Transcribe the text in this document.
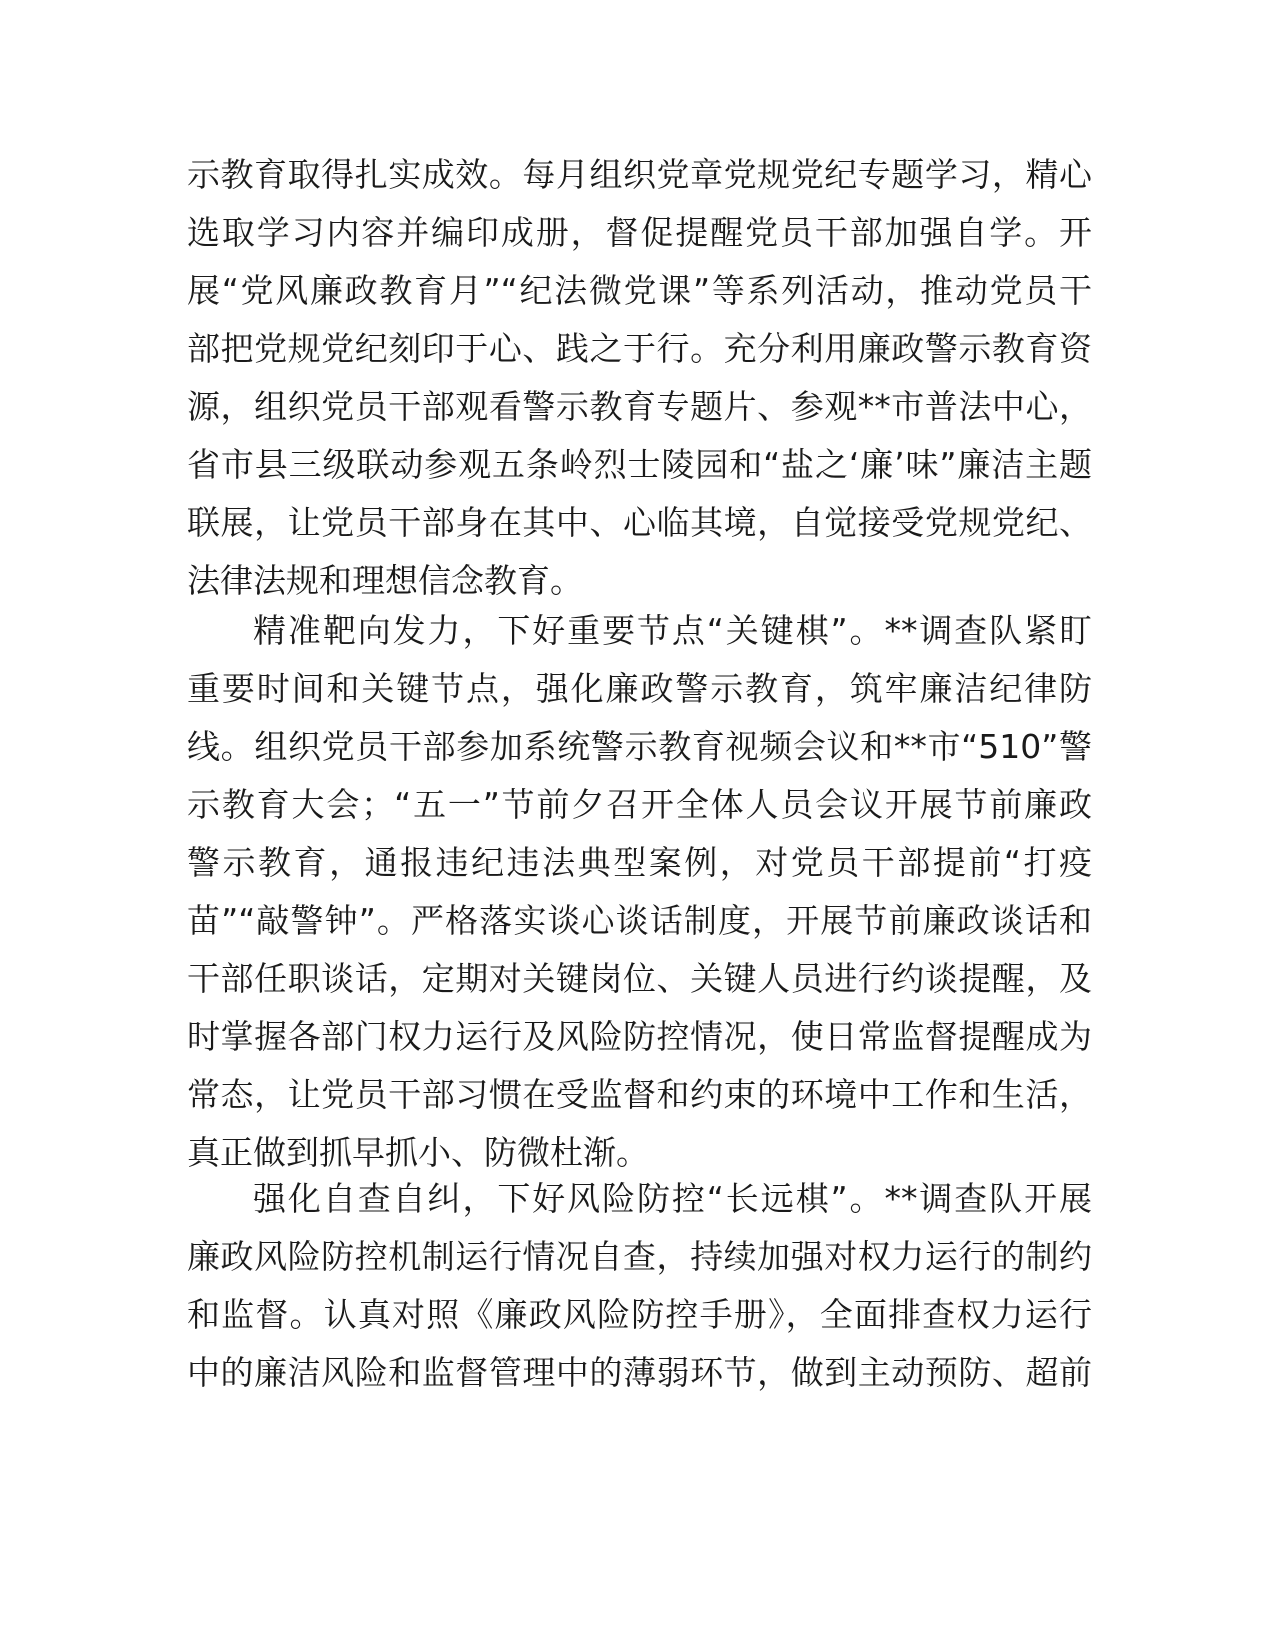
示教育取得扎实成效。每月组织党章党规党纪专题学习，精心
选取学习内容并编印成册，督促提醒党员干部加强自学。开
展“党风廉政教育月”“纪法微党课”等系列活动，推动党员干
部把党规党纪刻印于心、践之于行。充分利用廉政警示教育资
源，组织党员干部观看警示教育专题片、参观**市普法中心，
省市县三级联动参观五条岭烈士陵园和“盐之‘廉’味”廉洁主题
联展，让党员干部身在其中、心临其境，自觉接受党规党纪、
法律法规和理想信念教育。
精准靶向发力，下好重要节点“关键棋”。**调查队紧盯
重要时间和关键节点，强化廉政警示教育，筑牢廉洁纪律防
线。组织党员干部参加系统警示教育视频会议和**市“510”警
示教育大会；“五一”节前夕召开全体人员会议开展节前廉政
警示教育，通报违纪违法典型案例，对党员干部提前“打疫
苗”“敲警钟”。严格落实谈心谈话制度，开展节前廉政谈话和
干部任职谈话，定期对关键岗位、关键人员进行约谈提醒，及
时掌握各部门权力运行及风险防控情况，使日常监督提醒成为
常态，让党员干部习惯在受监督和约束的环境中工作和生活，
真正做到抓早抓小、防微杜渐。
强化自查自纠，下好风险防控“长远棋”。**调查队开展
廉政风险防控机制运行情况自查，持续加强对权力运行的制约
和监督。认真对照《廉政风险防控手册》，全面排查权力运行
中的廉洁风险和监督管理中的薄弱环节，做到主动预防、超前
